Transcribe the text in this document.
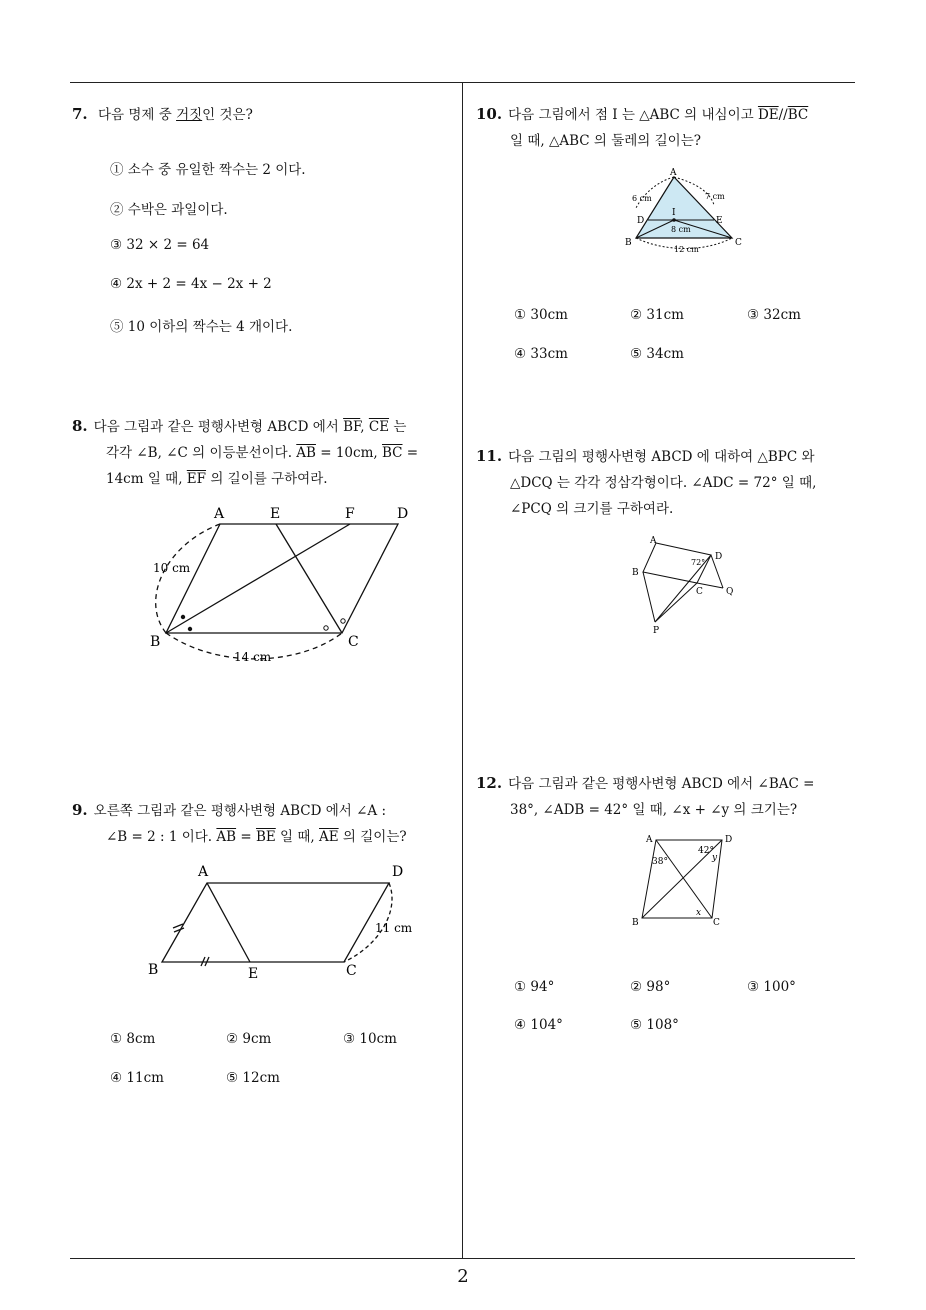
2
7. 다음 명제 중 거짓인 것은?
① 소수 중 유일한 짝수는 2 이다.
② 수박은 과일이다.
③ 32 × 2 = 64
④ 2x + 2 = 4x − 2x + 2
⑤ 10 이하의 짝수는 4 개이다.
8. 다음 그림과 같은 평행사변형 ABCD 에서 $\overline{BF}$, $\overline{CE}$ 는
각각 ∠B, ∠C 의 이등분선이다. $\overline{AB} = 10cm$, $\overline{BC}$ =
14cm 일 때, $\overline{EF}$ 의 길이를 구하여라.
A	E	F	D
B	C
10 cm
14 cm
9. 오른쪽 그림과 같은 평행사변형 ABCD 에서 ∠A :
∠B = 2 : 1 이다. $\overline{AB} = \overline{BE}$ 일 때, $\overline{AE}$ 의 길이는?
A	D
B	E	C
11 cm
① 8cm	② 9cm	③ 10cm
④ 11cm	⑤ 12cm
10. 다음 그림에서 점 I 는 △ABC 의 내심이고 $\overline{DE}//\overline{BC}$
일 때, △ABC 의 둘레의 길이는?
A
B	C
D	E
I
6 cm	7 cm
8 cm
12 cm
① 30cm	② 31cm	③ 32cm
④ 33cm	⑤ 34cm
11. 다음 그림의 평행사변형 ABCD 에 대하여 △BPC 와
△DCQ 는 각각 정삼각형이다. ∠ADC = 72° 일 때,
∠PCQ 의 크기를 구하여라.
A
D
B
C	Q
P
72°
12. 다음 그림과 같은 평행사변형 ABCD 에서 ∠BAC =
38°, ∠ADB = 42° 일 때, ∠x + ∠y 의 크기는?
A	D
B	C
38°
42°
y
x
① 94°	② 98°	③ 100°
④ 104°	⑤ 108°
